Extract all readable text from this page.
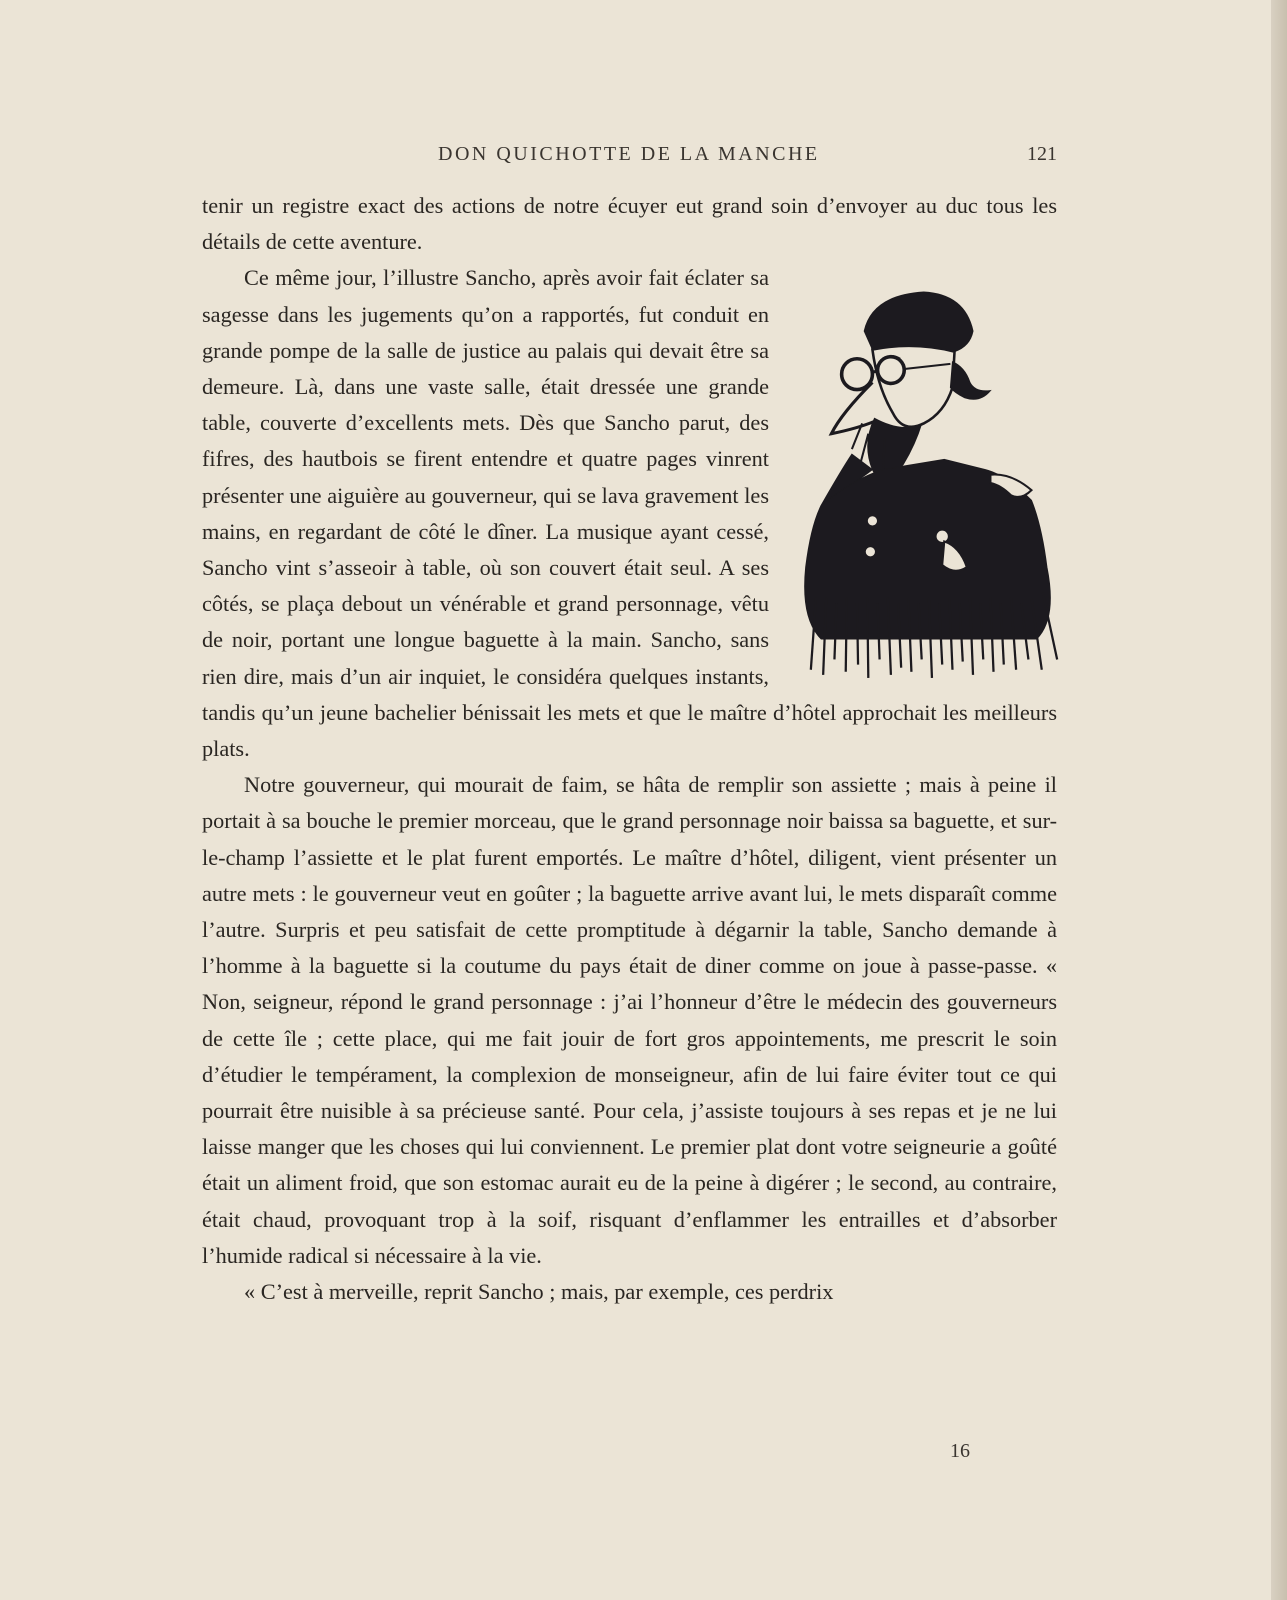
DON QUICHOTTE DE LA MANCHE	121

tenir un registre exact des actions de notre écuyer eut grand soin d’envoyer au duc tous les détails de cette aventure.

Ce même jour, l’illustre Sancho, après avoir fait éclater sa sagesse dans les jugements qu’on a rapportés, fut conduit en grande pompe de la salle de justice au palais qui devait être sa demeure. Là, dans une vaste salle, était dressée une grande table, couverte d’excellents mets. Dès que Sancho parut, des fifres, des hautbois se firent entendre et quatre pages vinrent présenter une aiguière au gouverneur, qui se lava gravement les mains, en regardant de côté le dîner. La musique ayant cessé, Sancho vint s’asseoir à table, où son couvert était seul. A ses côtés, se plaça debout un vénérable et grand personnage, vêtu de noir, portant une longue baguette à la main. Sancho, sans rien dire, mais d’un air inquiet, le considéra quelques instants, tandis qu’un jeune bachelier bénissait les mets et que le maître d’hôtel approchait les meilleurs plats.

Notre gouverneur, qui mourait de faim, se hâta de remplir son assiette ; mais à peine il portait à sa bouche le premier morceau, que le grand personnage noir baissa sa baguette, et sur-le-champ l’assiette et le plat furent emportés. Le maître d’hôtel, diligent, vient présenter un autre mets : le gouverneur veut en goûter ; la baguette arrive avant lui, le mets disparaît comme l’autre. Surpris et peu satisfait de cette promptitude à dégarnir la table, Sancho demande à l’homme à la baguette si la coutume du pays était de diner comme on joue à passe-passe. « Non, seigneur, répond le grand personnage : j’ai l’honneur d’être le médecin des gouverneurs de cette île ; cette place, qui me fait jouir de fort gros appointements, me prescrit le soin d’étudier le tempérament, la complexion de monseigneur, afin de lui faire éviter tout ce qui pourrait être nuisible à sa précieuse santé. Pour cela, j’assiste toujours à ses repas et je ne lui laisse manger que les choses qui lui conviennent. Le premier plat dont votre seigneurie a goûté était un aliment froid, que son estomac aurait eu de la peine à digérer ; le second, au contraire, était chaud, provoquant trop à la soif, risquant d’enflammer les entrailles et d’absorber l’humide radical si nécessaire à la vie.

« C’est à merveille, reprit Sancho ; mais, par exemple, ces perdrix

16
